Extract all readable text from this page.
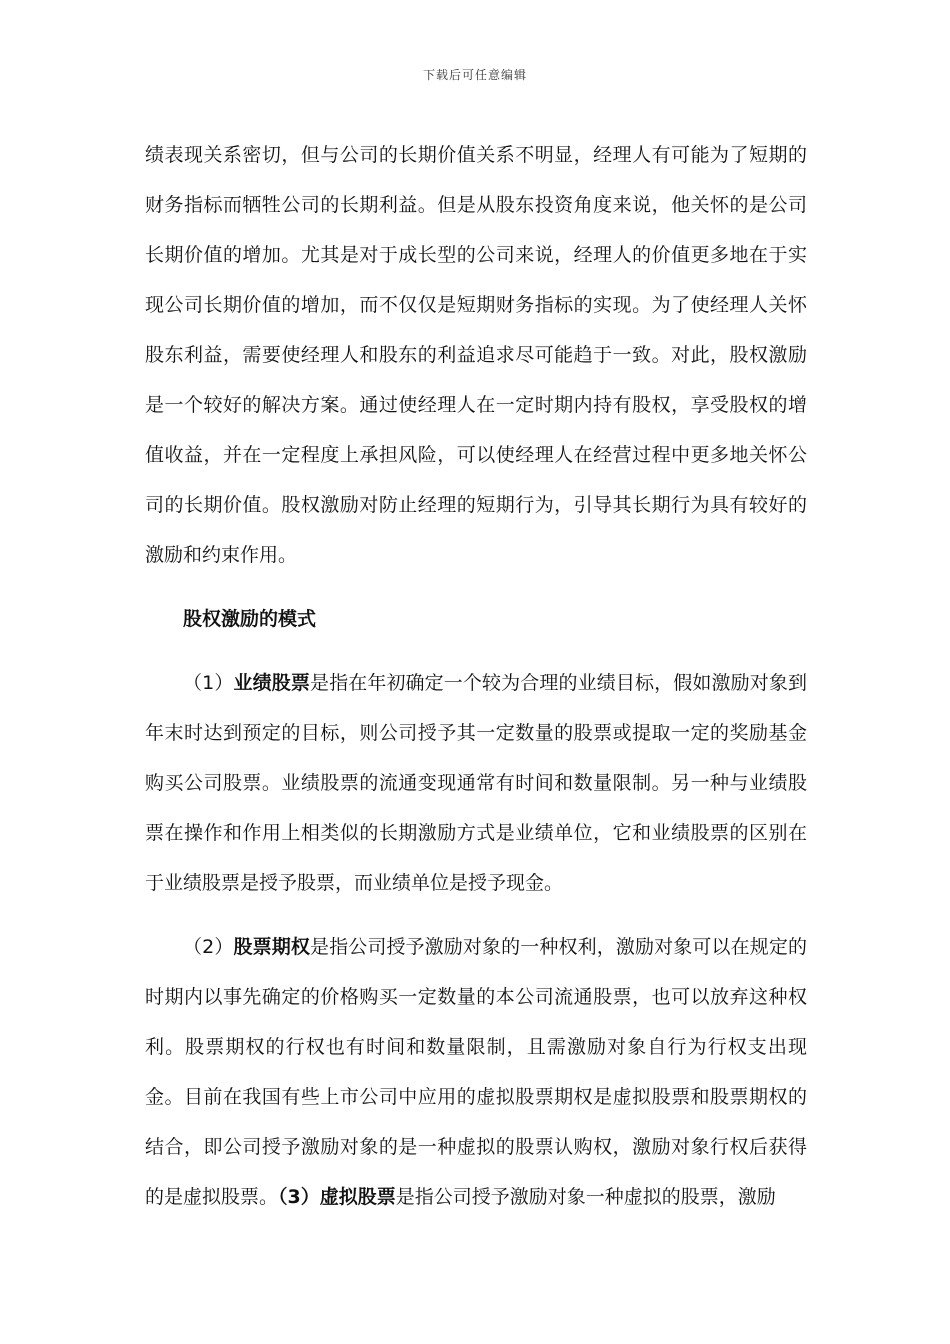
下载后可任意编辑

绩表现关系密切，但与公司的长期价值关系不明显，经理人有可能为了短期的财务指标而牺牲公司的长期利益。但是从股东投资角度来说，他关怀的是公司长期价值的增加。尤其是对于成长型的公司来说，经理人的价值更多地在于实现公司长期价值的增加，而不仅仅是短期财务指标的实现。为了使经理人关怀股东利益，需要使经理人和股东的利益追求尽可能趋于一致。对此，股权激励是一个较好的解决方案。通过使经理人在一定时期内持有股权，享受股权的增值收益，并在一定程度上承担风险，可以使经理人在经营过程中更多地关怀公司的长期价值。股权激励对防止经理的短期行为，引导其长期行为具有较好的激励和约束作用。

股权激励的模式

（1）业绩股票是指在年初确定一个较为合理的业绩目标，假如激励对象到年末时达到预定的目标，则公司授予其一定数量的股票或提取一定的奖励基金购买公司股票。业绩股票的流通变现通常有时间和数量限制。另一种与业绩股票在操作和作用上相类似的长期激励方式是业绩单位，它和业绩股票的区别在于业绩股票是授予股票，而业绩单位是授予现金。

（2）股票期权是指公司授予激励对象的一种权利，激励对象可以在规定的时期内以事先确定的价格购买一定数量的本公司流通股票，也可以放弃这种权利。股票期权的行权也有时间和数量限制，且需激励对象自行为行权支出现金。目前在我国有些上市公司中应用的虚拟股票期权是虚拟股票和股票期权的结合，即公司授予激励对象的是一种虚拟的股票认购权，激励对象行权后获得的是虚拟股票。（3）虚拟股票是指公司授予激励对象一种虚拟的股票，激励
